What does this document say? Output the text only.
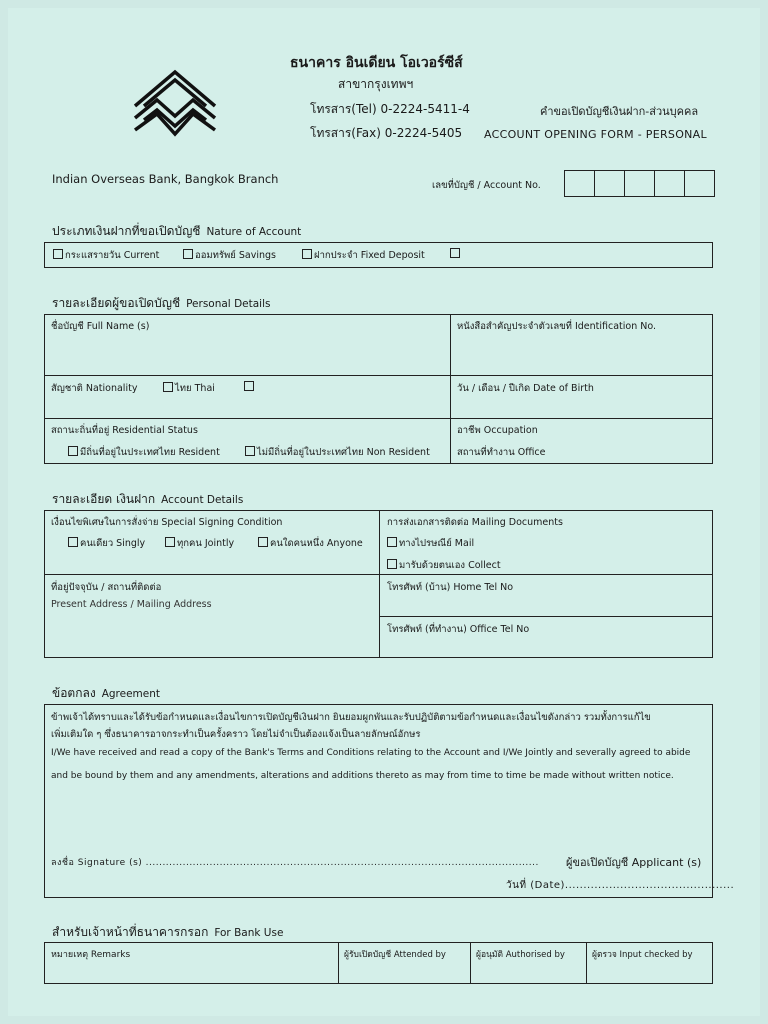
ธนาคาร อินเดียน โอเวอร์ซีส์
สาขากรุงเทพฯ
โทรสาร(Tel) 0-2224-5411-4
โทรสาร(Fax) 0-2224-5405
คำขอเปิดบัญชีเงินฝาก-ส่วนบุคคล
ACCOUNT OPENING FORM - PERSONAL
Indian Overseas Bank, Bangkok Branch	เลขที่บัญชี / Account No.
ประเภทเงินฝากที่ขอเปิดบัญชี Nature of Account
กระแสรายวัน Current	ออมทรัพย์ Savings	ฝากประจำ Fixed Deposit
รายละเอียดผู้ขอเปิดบัญชี Personal Details
ชื่อบัญชี Full Name (s)	หนังสือสำคัญประจำตัวเลขที่ Identification No.
สัญชาติ Nationality	ไทย Thai	วัน / เดือน / ปีเกิด Date of Birth
สถานะถิ่นที่อยู่ Residential Status
มีถิ่นที่อยู่ในประเทศไทย Resident	ไม่มีถิ่นที่อยู่ในประเทศไทย Non Resident
อาชีพ Occupation
สถานที่ทำงาน Office
รายละเอียด เงินฝาก Account Details
เงื่อนไขพิเศษในการสั่งจ่าย Special Signing Condition
คนเดียว Singly	ทุกคน Jointly	คนใดคนหนึ่ง Anyone
การส่งเอกสารติดต่อ Mailing Documents
ทางไปรษณีย์ Mail
มารับด้วยตนเอง Collect
ที่อยู่ปัจจุบัน / สถานที่ติดต่อ
Present Address / Mailing Address
โทรศัพท์ (บ้าน) Home Tel No
โทรศัพท์ (ที่ทำงาน) Office Tel No
ข้อตกลง Agreement
ข้าพเจ้าได้ทราบและได้รับข้อกำหนดและเงื่อนไขการเปิดบัญชีเงินฝาก ยินยอมผูกพันและรับปฏิบัติตามข้อกำหนดและเงื่อนไขดังกล่าว รวมทั้งการแก้ไข
เพิ่มเติมใด ๆ ซึ่งธนาคารอาจกระทำเป็นครั้งคราว โดยไม่จำเป็นต้องแจ้งเป็นลายลักษณ์อักษร
I/We have received and read a copy of the Bank's Terms and Conditions relating to the Account and I/We Jointly and severally agreed to abide
and be bound by them and any amendments, alterations and additions thereto as may from time to time be made without written notice.
ลงชื่อ Signature (s) .....................................................................................................................	ผู้ขอเปิดบัญชี Applicant (s)
วันที่ (Date)..............................................
สำหรับเจ้าหน้าที่ธนาคารกรอก For Bank Use
หมายเหตุ Remarks	ผู้รับเปิดบัญชี Attended by	ผู้อนุมัติ Authorised by	ผู้ตรวจ Input checked by
